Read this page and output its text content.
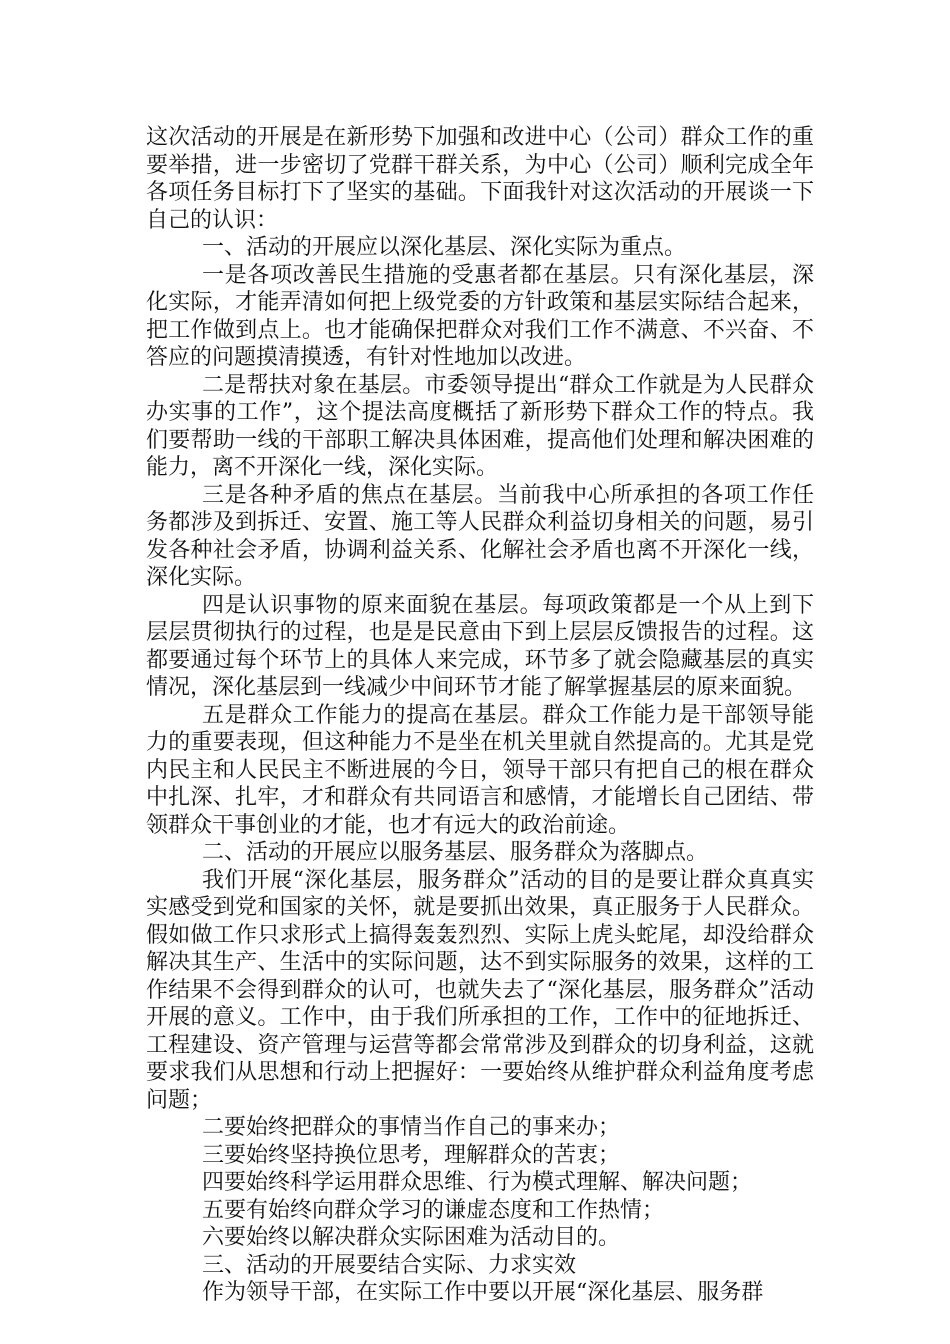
这次活动的开展是在新形势下加强和改进中心（公司）群众工作的重要举措，进一步密切了党群干群关系，为中心（公司）顺利完成全年各项任务目标打下了坚实的基础。下面我针对这次活动的开展谈一下自己的认识：

一、活动的开展应以深化基层、深化实际为重点。

一是各项改善民生措施的受惠者都在基层。只有深化基层，深化实际，才能弄清如何把上级党委的方针政策和基层实际结合起来，把工作做到点上。也才能确保把群众对我们工作不满意、不兴奋、不答应的问题摸清摸透，有针对性地加以改进。

二是帮扶对象在基层。市委领导提出“群众工作就是为人民群众办实事的工作”，这个提法高度概括了新形势下群众工作的特点。我们要帮助一线的干部职工解决具体困难，提高他们处理和解决困难的能力，离不开深化一线，深化实际。

三是各种矛盾的焦点在基层。当前我中心所承担的各项工作任务都涉及到拆迁、安置、施工等人民群众利益切身相关的问题，易引发各种社会矛盾，协调利益关系、化解社会矛盾也离不开深化一线，深化实际。

四是认识事物的原来面貌在基层。每项政策都是一个从上到下层层贯彻执行的过程，也是是民意由下到上层层反馈报告的过程。这都要通过每个环节上的具体人来完成，环节多了就会隐藏基层的真实情况，深化基层到一线减少中间环节才能了解掌握基层的原来面貌。

五是群众工作能力的提高在基层。群众工作能力是干部领导能力的重要表现，但这种能力不是坐在机关里就自然提高的。尤其是党内民主和人民民主不断进展的今日，领导干部只有把自己的根在群众中扎深、扎牢，才和群众有共同语言和感情，才能增长自己团结、带领群众干事创业的才能，也才有远大的政治前途。

二、活动的开展应以服务基层、服务群众为落脚点。

我们开展“深化基层，服务群众”活动的目的是要让群众真真实实感受到党和国家的关怀，就是要抓出效果，真正服务于人民群众。假如做工作只求形式上搞得轰轰烈烈、实际上虎头蛇尾，却没给群众解决其生产、生活中的实际问题，达不到实际服务的效果，这样的工作结果不会得到群众的认可，也就失去了“深化基层，服务群众”活动开展的意义。工作中，由于我们所承担的工作，工作中的征地拆迁、工程建设、资产管理与运营等都会常常涉及到群众的切身利益，这就要求我们从思想和行动上把握好：一要始终从维护群众利益角度考虑问题；

二要始终把群众的事情当作自己的事来办；

三要始终坚持换位思考，理解群众的苦衷；

四要始终科学运用群众思维、行为模式理解、解决问题；

五要有始终向群众学习的谦虚态度和工作热情；

六要始终以解决群众实际困难为活动目的。

三、活动的开展要结合实际、力求实效

作为领导干部，在实际工作中要以开展“深化基层、服务群
